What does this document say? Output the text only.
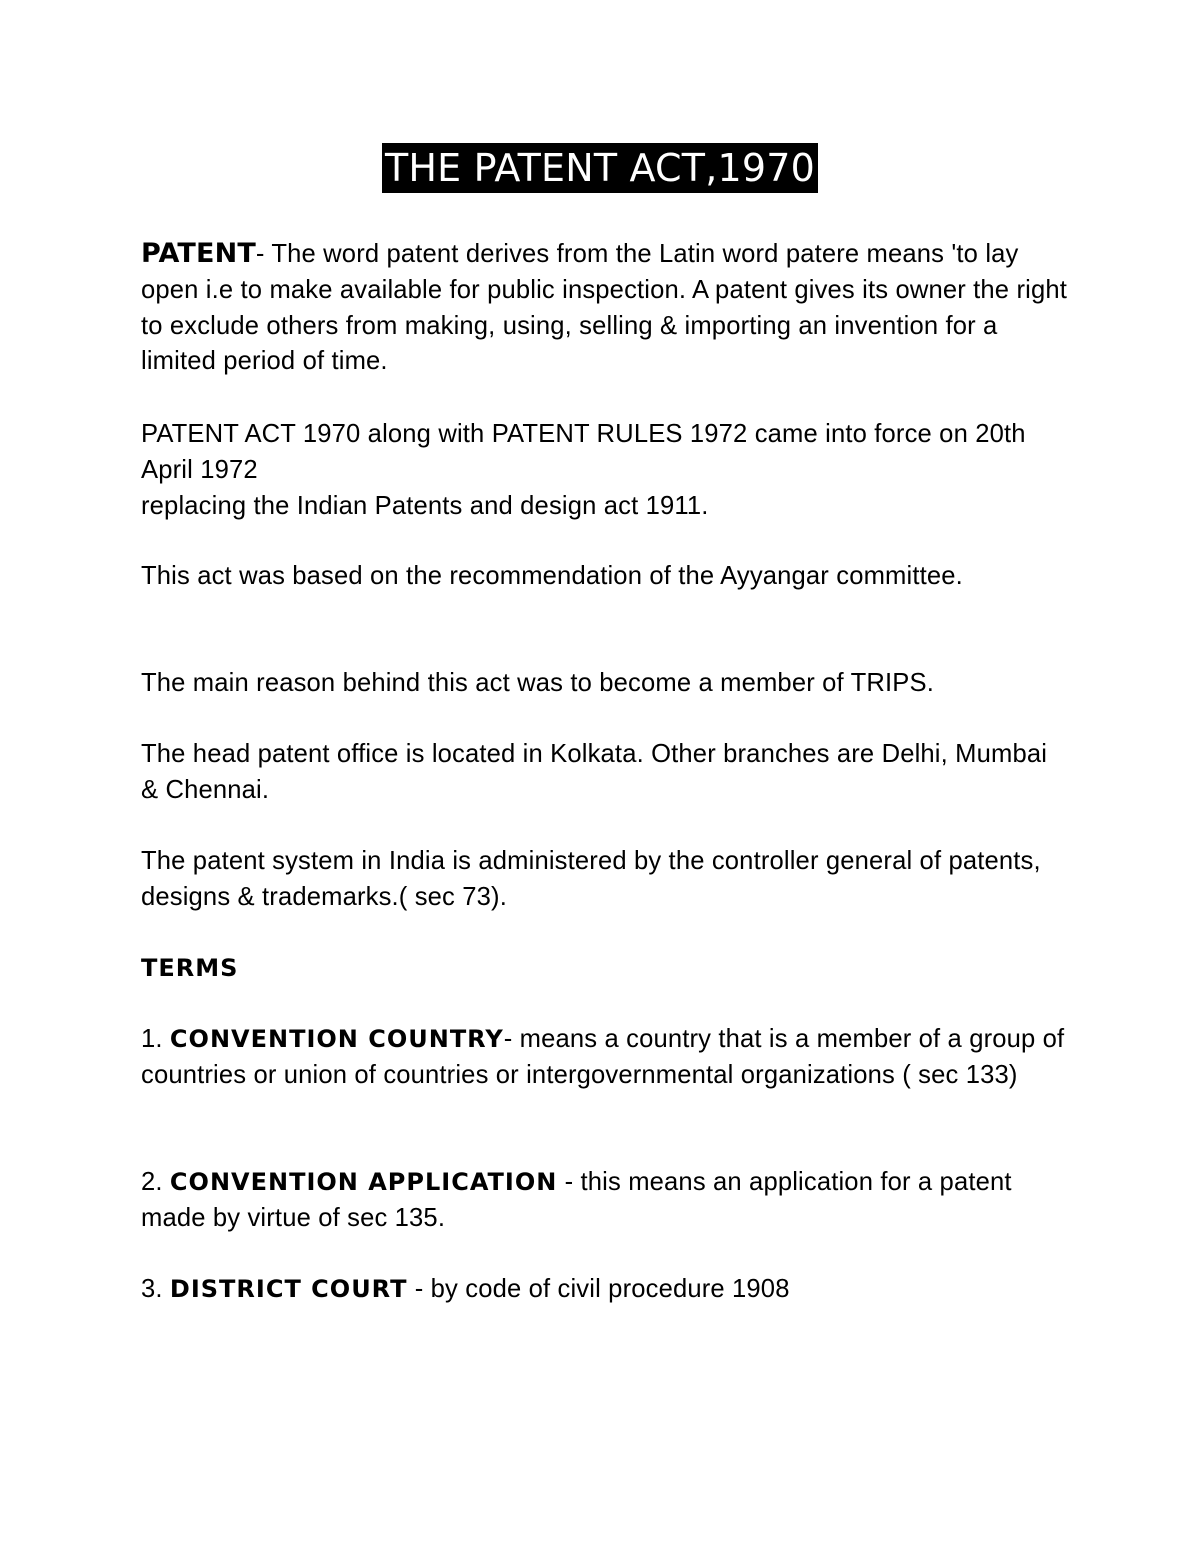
THE PATENT ACT,1970

PATENT- The word patent derives from the Latin word patere means 'to lay open i.e to make available for public inspection. A patent gives its owner the right to exclude others from making, using, selling & importing an invention for a limited period of time.

PATENT ACT 1970 along with PATENT RULES 1972 came into force on 20th April 1972

replacing the Indian Patents and design act 1911.

This act was based on the recommendation of the Ayyangar committee.

The main reason behind this act was to become a member of TRIPS.

The head patent office is located in Kolkata. Other branches are Delhi, Mumbai & Chennai.

The patent system in India is administered by the controller general of patents, designs & trademarks.( sec 73).

TERMS

1. CONVENTION COUNTRY- means a country that is a member of a group of countries or union of countries or intergovernmental organizations ( sec 133)

2. CONVENTION APPLICATION - this means an application for a patent made by virtue of sec 135.

3. DISTRICT COURT - by code of civil procedure 1908
